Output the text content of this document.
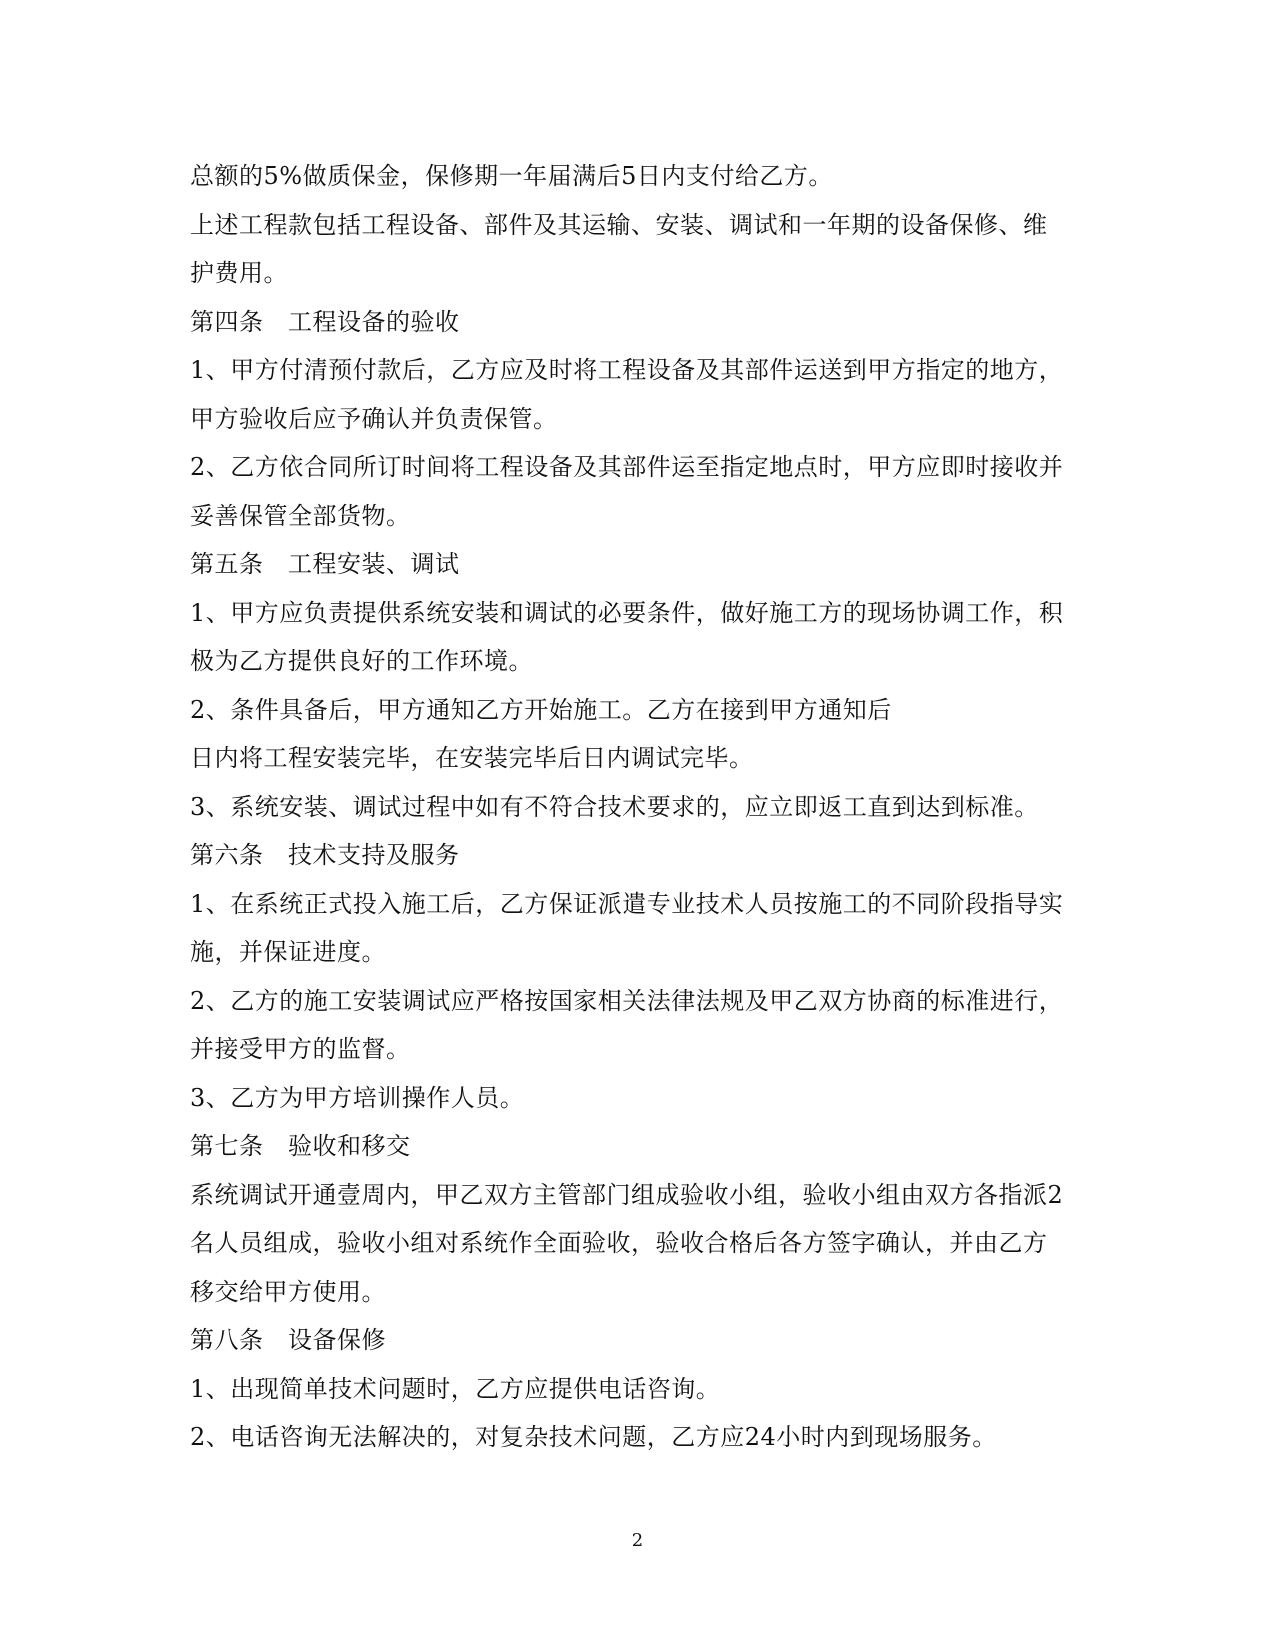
总额的5%做质保金，保修期一年届满后5日内支付给乙方。
上述工程款包括工程设备、部件及其运输、安装、调试和一年期的设备保修、维
护费用。
第四条　工程设备的验收
1、甲方付清预付款后，乙方应及时将工程设备及其部件运送到甲方指定的地方，
甲方验收后应予确认并负责保管。
2、乙方依合同所订时间将工程设备及其部件运至指定地点时，甲方应即时接收并
妥善保管全部货物。
第五条　工程安装、调试
1、甲方应负责提供系统安装和调试的必要条件，做好施工方的现场协调工作，积
极为乙方提供良好的工作环境。
2、条件具备后，甲方通知乙方开始施工。乙方在接到甲方通知后
日内将工程安装完毕，在安装完毕后日内调试完毕。
3、系统安装、调试过程中如有不符合技术要求的，应立即返工直到达到标准。
第六条　技术支持及服务
1、在系统正式投入施工后，乙方保证派遣专业技术人员按施工的不同阶段指导实
施，并保证进度。
2、乙方的施工安装调试应严格按国家相关法律法规及甲乙双方协商的标准进行，
并接受甲方的监督。
3、乙方为甲方培训操作人员。
第七条　验收和移交
系统调试开通壹周内，甲乙双方主管部门组成验收小组，验收小组由双方各指派2
名人员组成，验收小组对系统作全面验收，验收合格后各方签字确认，并由乙方
移交给甲方使用。
第八条　设备保修
1、出现简单技术问题时，乙方应提供电话咨询。
2、电话咨询无法解决的，对复杂技术问题，乙方应24小时内到现场服务。
2
